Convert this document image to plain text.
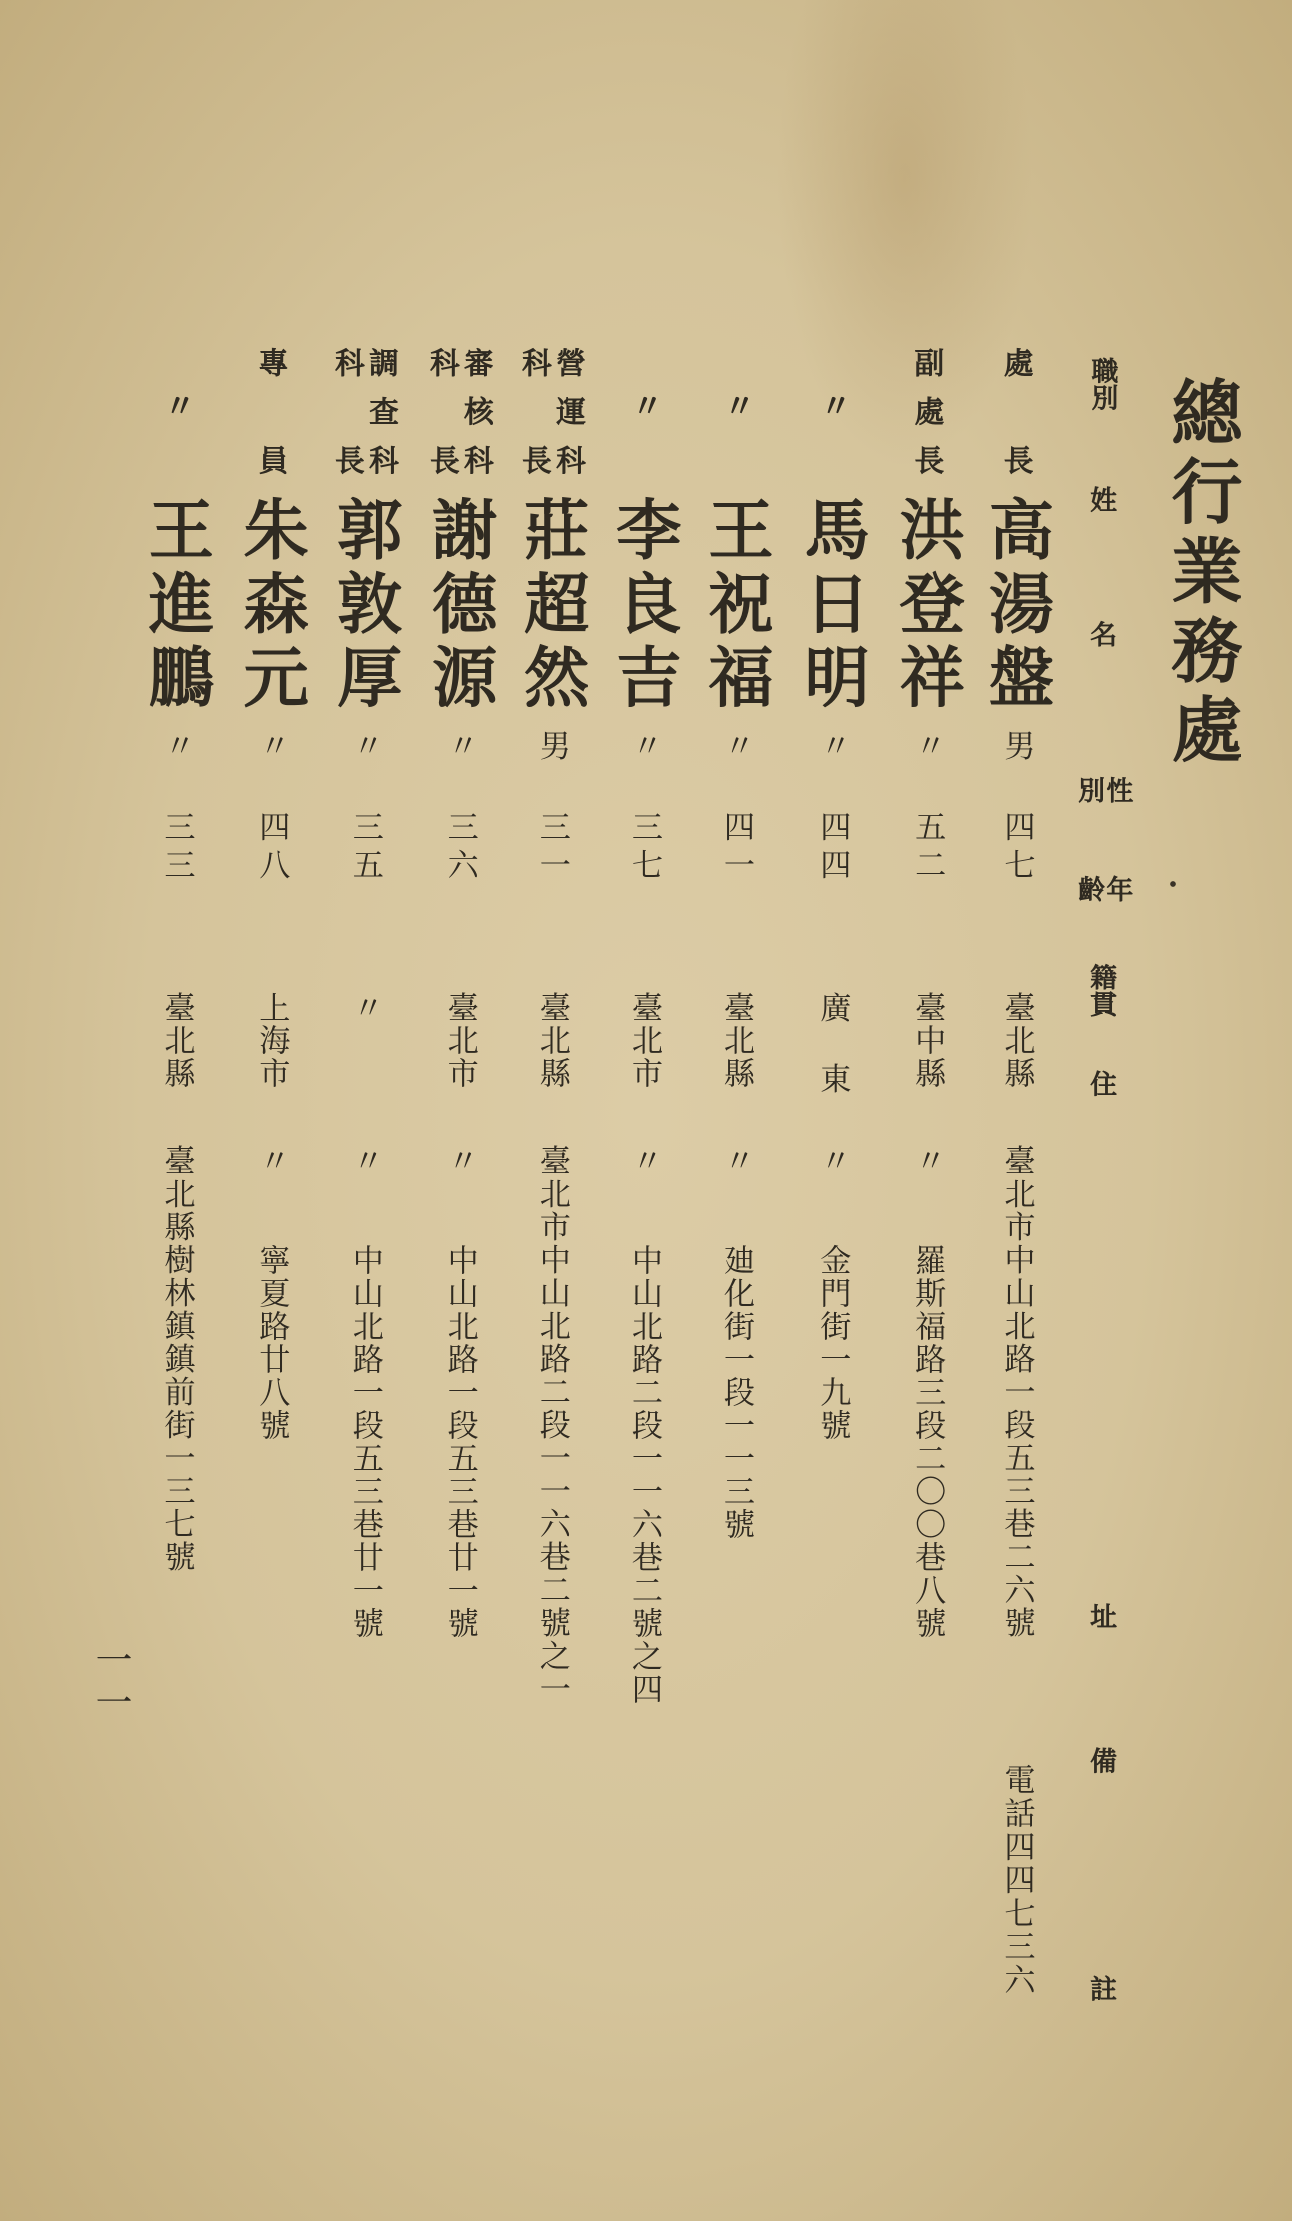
總行業務處
職別
姓名
性別
年齡
籍貫
住址
備註
處長
高湯盤
男
四七
臺北縣
臺北市中山北路一段五三巷二六號
電話四四七三六
副處長
洪登祥
〃
五二
臺中縣
〃
羅斯福路三段二〇〇巷八號
〃
馬日明
〃
四四
廣東
〃
金門街一九號
〃
王祝福
〃
四一
臺北縣
〃
廸化街一段一一三號
〃
李良吉
〃
三七
臺北市
〃
中山北路二段一一六巷二號之四
營運科
科長
莊超然
男
三一
臺北縣
臺北市中山北路二段一一六巷二號之一
審核科
科長
謝德源
〃
三六
臺北市
〃
中山北路一段五三巷廿一號
調查科
科長
郭敦厚
〃
三五
〃
〃
中山北路一段五三巷廿一號
專員
朱森元
〃
四八
上海市
〃
寧夏路廿八號
〃
王進鵬
〃
三三
臺北縣
臺北縣樹林鎮鎮前街一三七號
一一
